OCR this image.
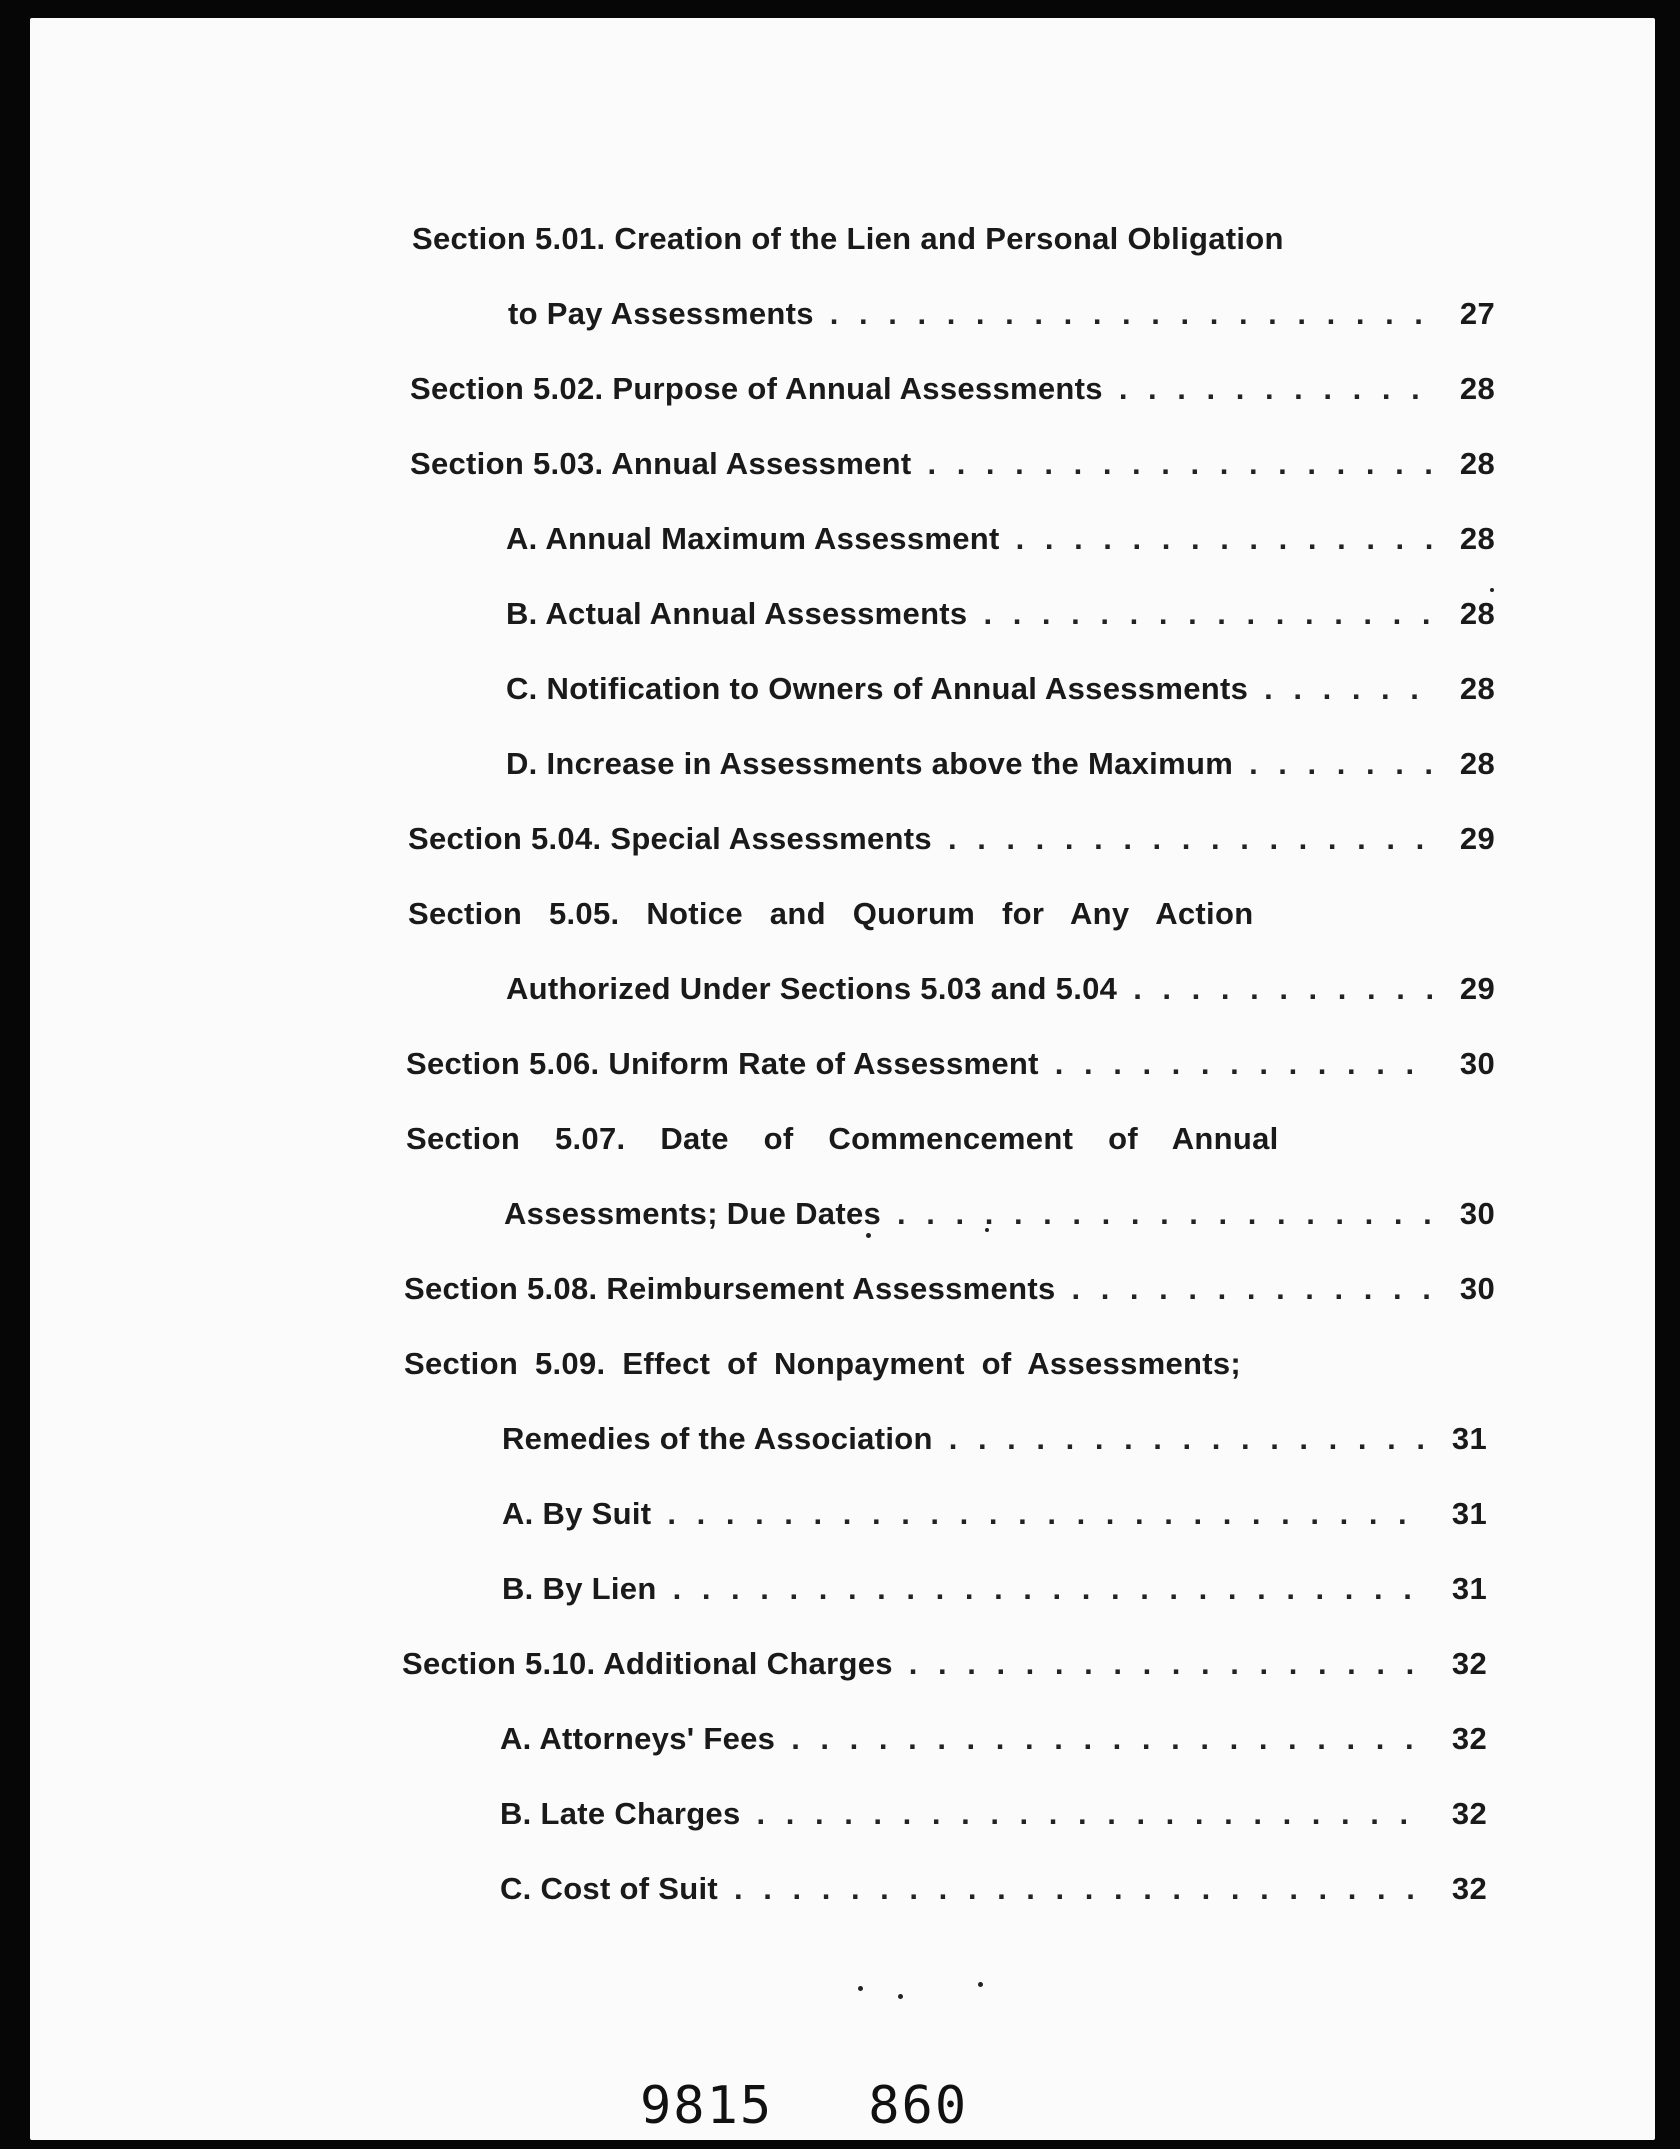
Section 5.01. Creation of the Lien and Personal Obligation
to Pay Assessments . . .	27
Section 5.02. Purpose of Annual Assessments . . .	28
Section 5.03. Annual Assessment . . .	28
A. Annual Maximum Assessment . . .	28
B. Actual Annual Assessments . . .	28
C. Notification to Owners of Annual Assessments . . .	28
D. Increase in Assessments above the Maximum . . .	28
Section 5.04. Special Assessments . . .	29
Section 5.05. Notice and Quorum for Any Action
Authorized Under Sections 5.03 and 5.04 . . .	29
Section 5.06. Uniform Rate of Assessment . . .	30
Section 5.07. Date of Commencement of Annual
Assessments; Due Dates . . .	30
Section 5.08. Reimbursement Assessments . . .	30
Section 5.09. Effect of Nonpayment of Assessments;
Remedies of the Association . . .	31
A. By Suit . . .	31
B. By Lien . . .	31
Section 5.10. Additional Charges . . .	32
A. Attorneys' Fees . . .	32
B. Late Charges . . .	32
C. Cost of Suit . . .	32
9815 860
